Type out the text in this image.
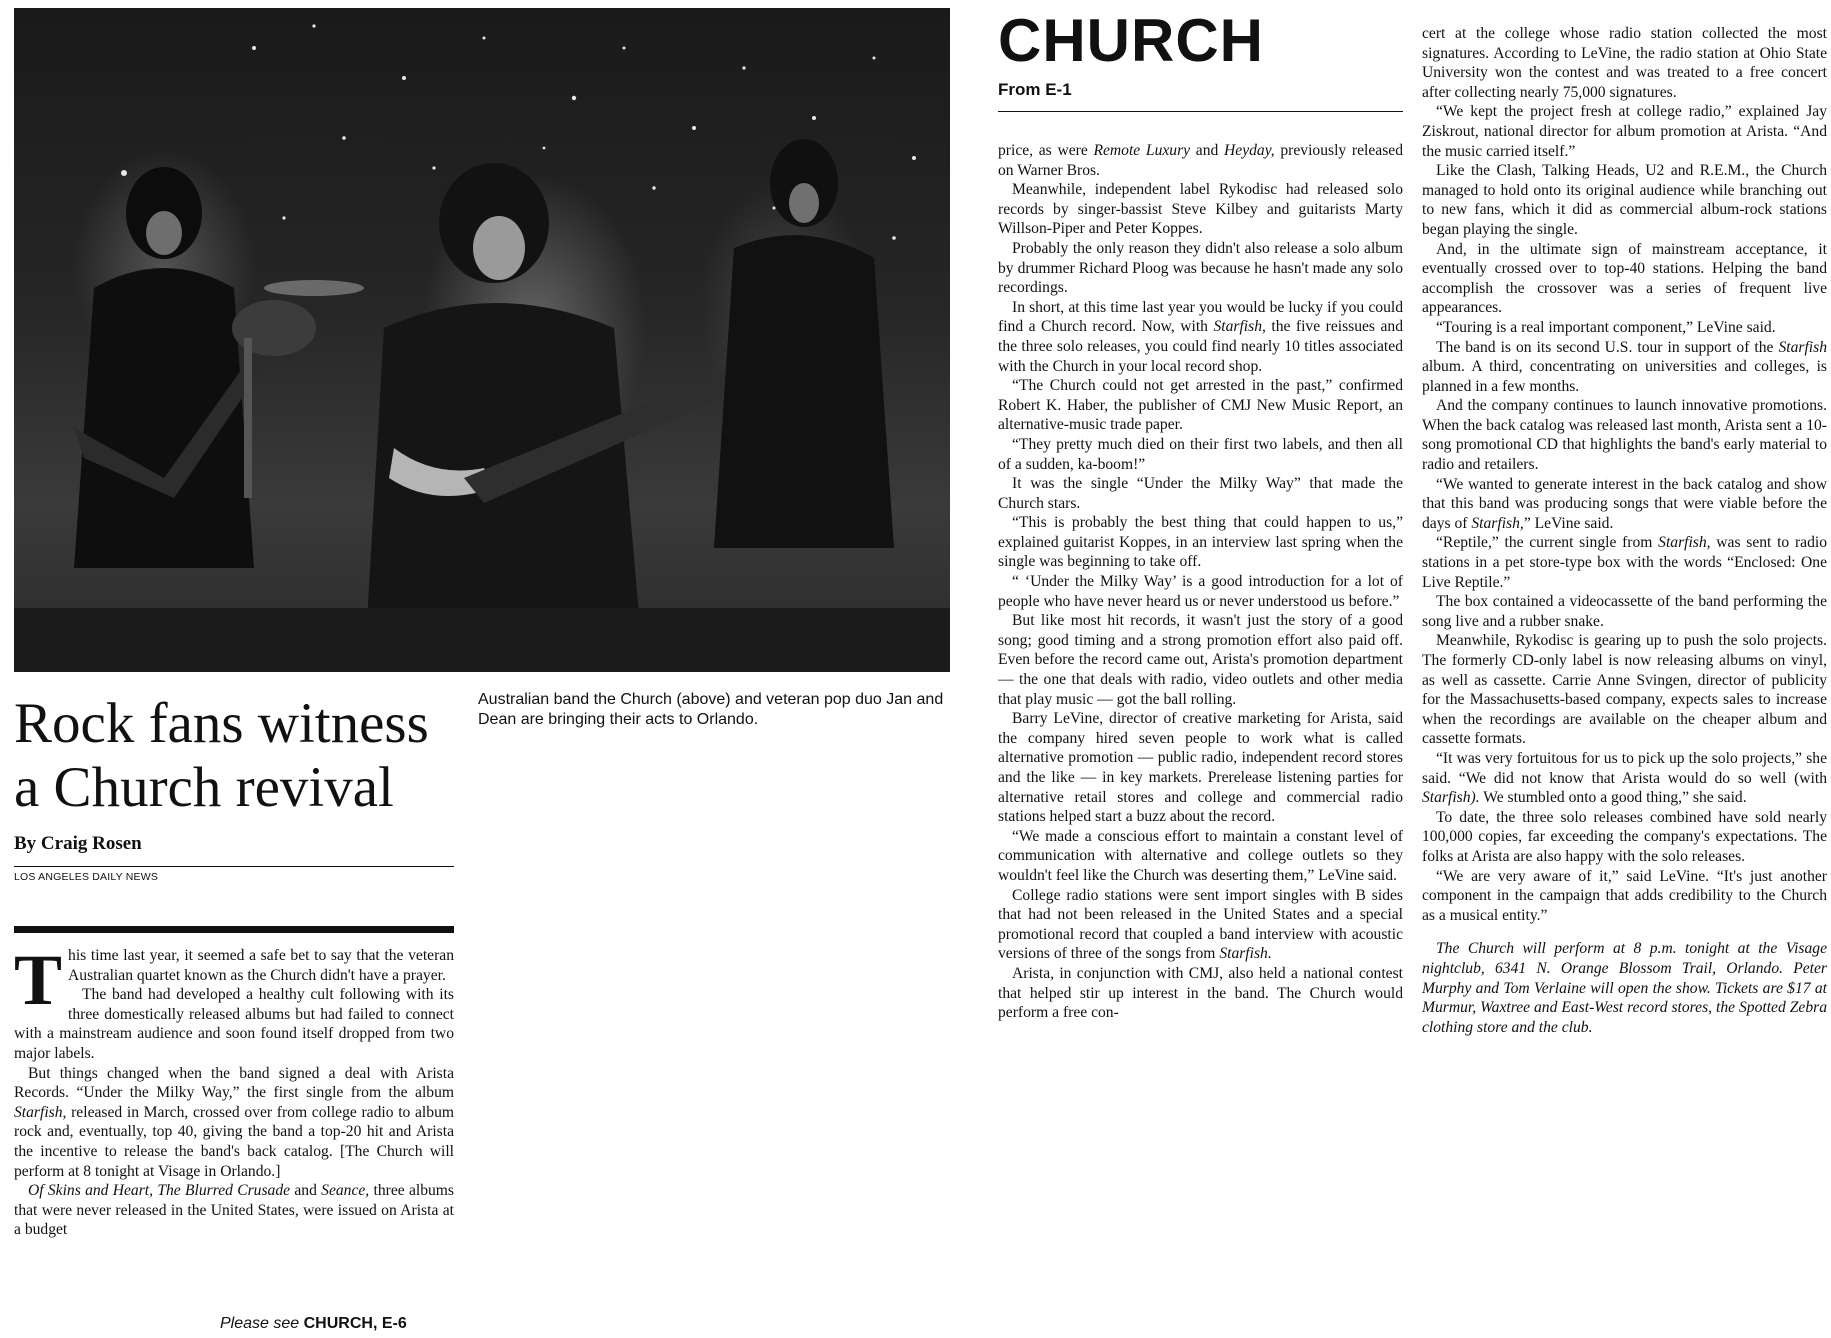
Rock fans witness a Church revival
Australian band the Church (above) and veteran pop duo Jan and Dean are bringing their acts to Orlando.
By Craig Rosen
LOS ANGELES DAILY NEWS

This time last year, it seemed a safe bet to say that the veteran Australian quartet known as the Church didn't have a prayer.

The band had developed a healthy cult following with its three domestically released albums but had failed to connect with a mainstream audience and soon found itself dropped from two major labels.

But things changed when the band signed a deal with Arista Records. “Under the Milky Way,” the first single from the album Starfish, released in March, crossed over from college radio to album rock and, eventually, top 40, giving the band a top-20 hit and Arista the incentive to release the band's back catalog. [The Church will perform at 8 tonight at Visage in Orlando.]

Of Skins and Heart, The Blurred Crusade and Seance, three albums that were never released in the United States, were issued on Arista at a budget

Please see CHURCH, E-6
CHURCH
From E-1

price, as were Remote Luxury and Heyday, previously released on Warner Bros.

Meanwhile, independent label Rykodisc had released solo records by singer-bassist Steve Kilbey and guitarists Marty Willson-Piper and Peter Koppes.

Probably the only reason they didn't also release a solo album by drummer Richard Ploog was because he hasn't made any solo recordings.

In short, at this time last year you would be lucky if you could find a Church record. Now, with Starfish, the five reissues and the three solo releases, you could find nearly 10 titles associated with the Church in your local record shop.

“The Church could not get arrested in the past,” confirmed Robert K. Haber, the publisher of CMJ New Music Report, an alternative-music trade paper.

“They pretty much died on their first two labels, and then all of a sudden, ka-boom!”

It was the single “Under the Milky Way” that made the Church stars.

“This is probably the best thing that could happen to us,” explained guitarist Koppes, in an interview last spring when the single was beginning to take off.

“ ‘Under the Milky Way’ is a good introduction for a lot of people who have never heard us or never understood us before.”

But like most hit records, it wasn't just the story of a good song; good timing and a strong promotion effort also paid off. Even before the record came out, Arista's promotion department — the one that deals with radio, video outlets and other media that play music — got the ball rolling.

Barry LeVine, director of creative marketing for Arista, said the company hired seven people to work what is called alternative promotion — public radio, independent record stores and the like — in key markets. Prerelease listening parties for alternative retail stores and college and commercial radio stations helped start a buzz about the record.

“We made a conscious effort to maintain a constant level of communication with alternative and college outlets so they wouldn't feel like the Church was deserting them,” LeVine said.

College radio stations were sent import singles with B sides that had not been released in the United States and a special promotional record that coupled a band interview with acoustic versions of three of the songs from Starfish.

Arista, in conjunction with CMJ, also held a national contest that helped stir up interest in the band. The Church would perform a free con-

cert at the college whose radio station collected the most signatures. According to LeVine, the radio station at Ohio State University won the contest and was treated to a free concert after collecting nearly 75,000 signatures.

“We kept the project fresh at college radio,” explained Jay Ziskrout, national director for album promotion at Arista. “And the music carried itself.”

Like the Clash, Talking Heads, U2 and R.E.M., the Church managed to hold onto its original audience while branching out to new fans, which it did as commercial album-rock stations began playing the single.

And, in the ultimate sign of mainstream acceptance, it eventually crossed over to top-40 stations. Helping the band accomplish the crossover was a series of frequent live appearances.

“Touring is a real important component,” LeVine said.

The band is on its second U.S. tour in support of the Starfish album. A third, concentrating on universities and colleges, is planned in a few months.

And the company continues to launch innovative promotions. When the back catalog was released last month, Arista sent a 10-song promotional CD that highlights the band's early material to radio and retailers.

“We wanted to generate interest in the back catalog and show that this band was producing songs that were viable before the days of Starfish,” LeVine said.

“Reptile,” the current single from Starfish, was sent to radio stations in a pet store-type box with the words “Enclosed: One Live Reptile.”

The box contained a videocassette of the band performing the song live and a rubber snake.

Meanwhile, Rykodisc is gearing up to push the solo projects. The formerly CD-only label is now releasing albums on vinyl, as well as cassette. Carrie Anne Svingen, director of publicity for the Massachusetts-based company, expects sales to increase when the recordings are available on the cheaper album and cassette formats.

“It was very fortuitous for us to pick up the solo projects,” she said. “We did not know that Arista would do so well (with Starfish). We stumbled onto a good thing,” she said.

To date, the three solo releases combined have sold nearly 100,000 copies, far exceeding the company's expectations. The folks at Arista are also happy with the solo releases.

“We are very aware of it,” said LeVine. “It's just another component in the campaign that adds credibility to the Church as a musical entity.”

The Church will perform at 8 p.m. tonight at the Visage nightclub, 6341 N. Orange Blossom Trail, Orlando. Peter Murphy and Tom Verlaine will open the show. Tickets are $17 at Murmur, Waxtree and East-West record stores, the Spotted Zebra clothing store and the club.
